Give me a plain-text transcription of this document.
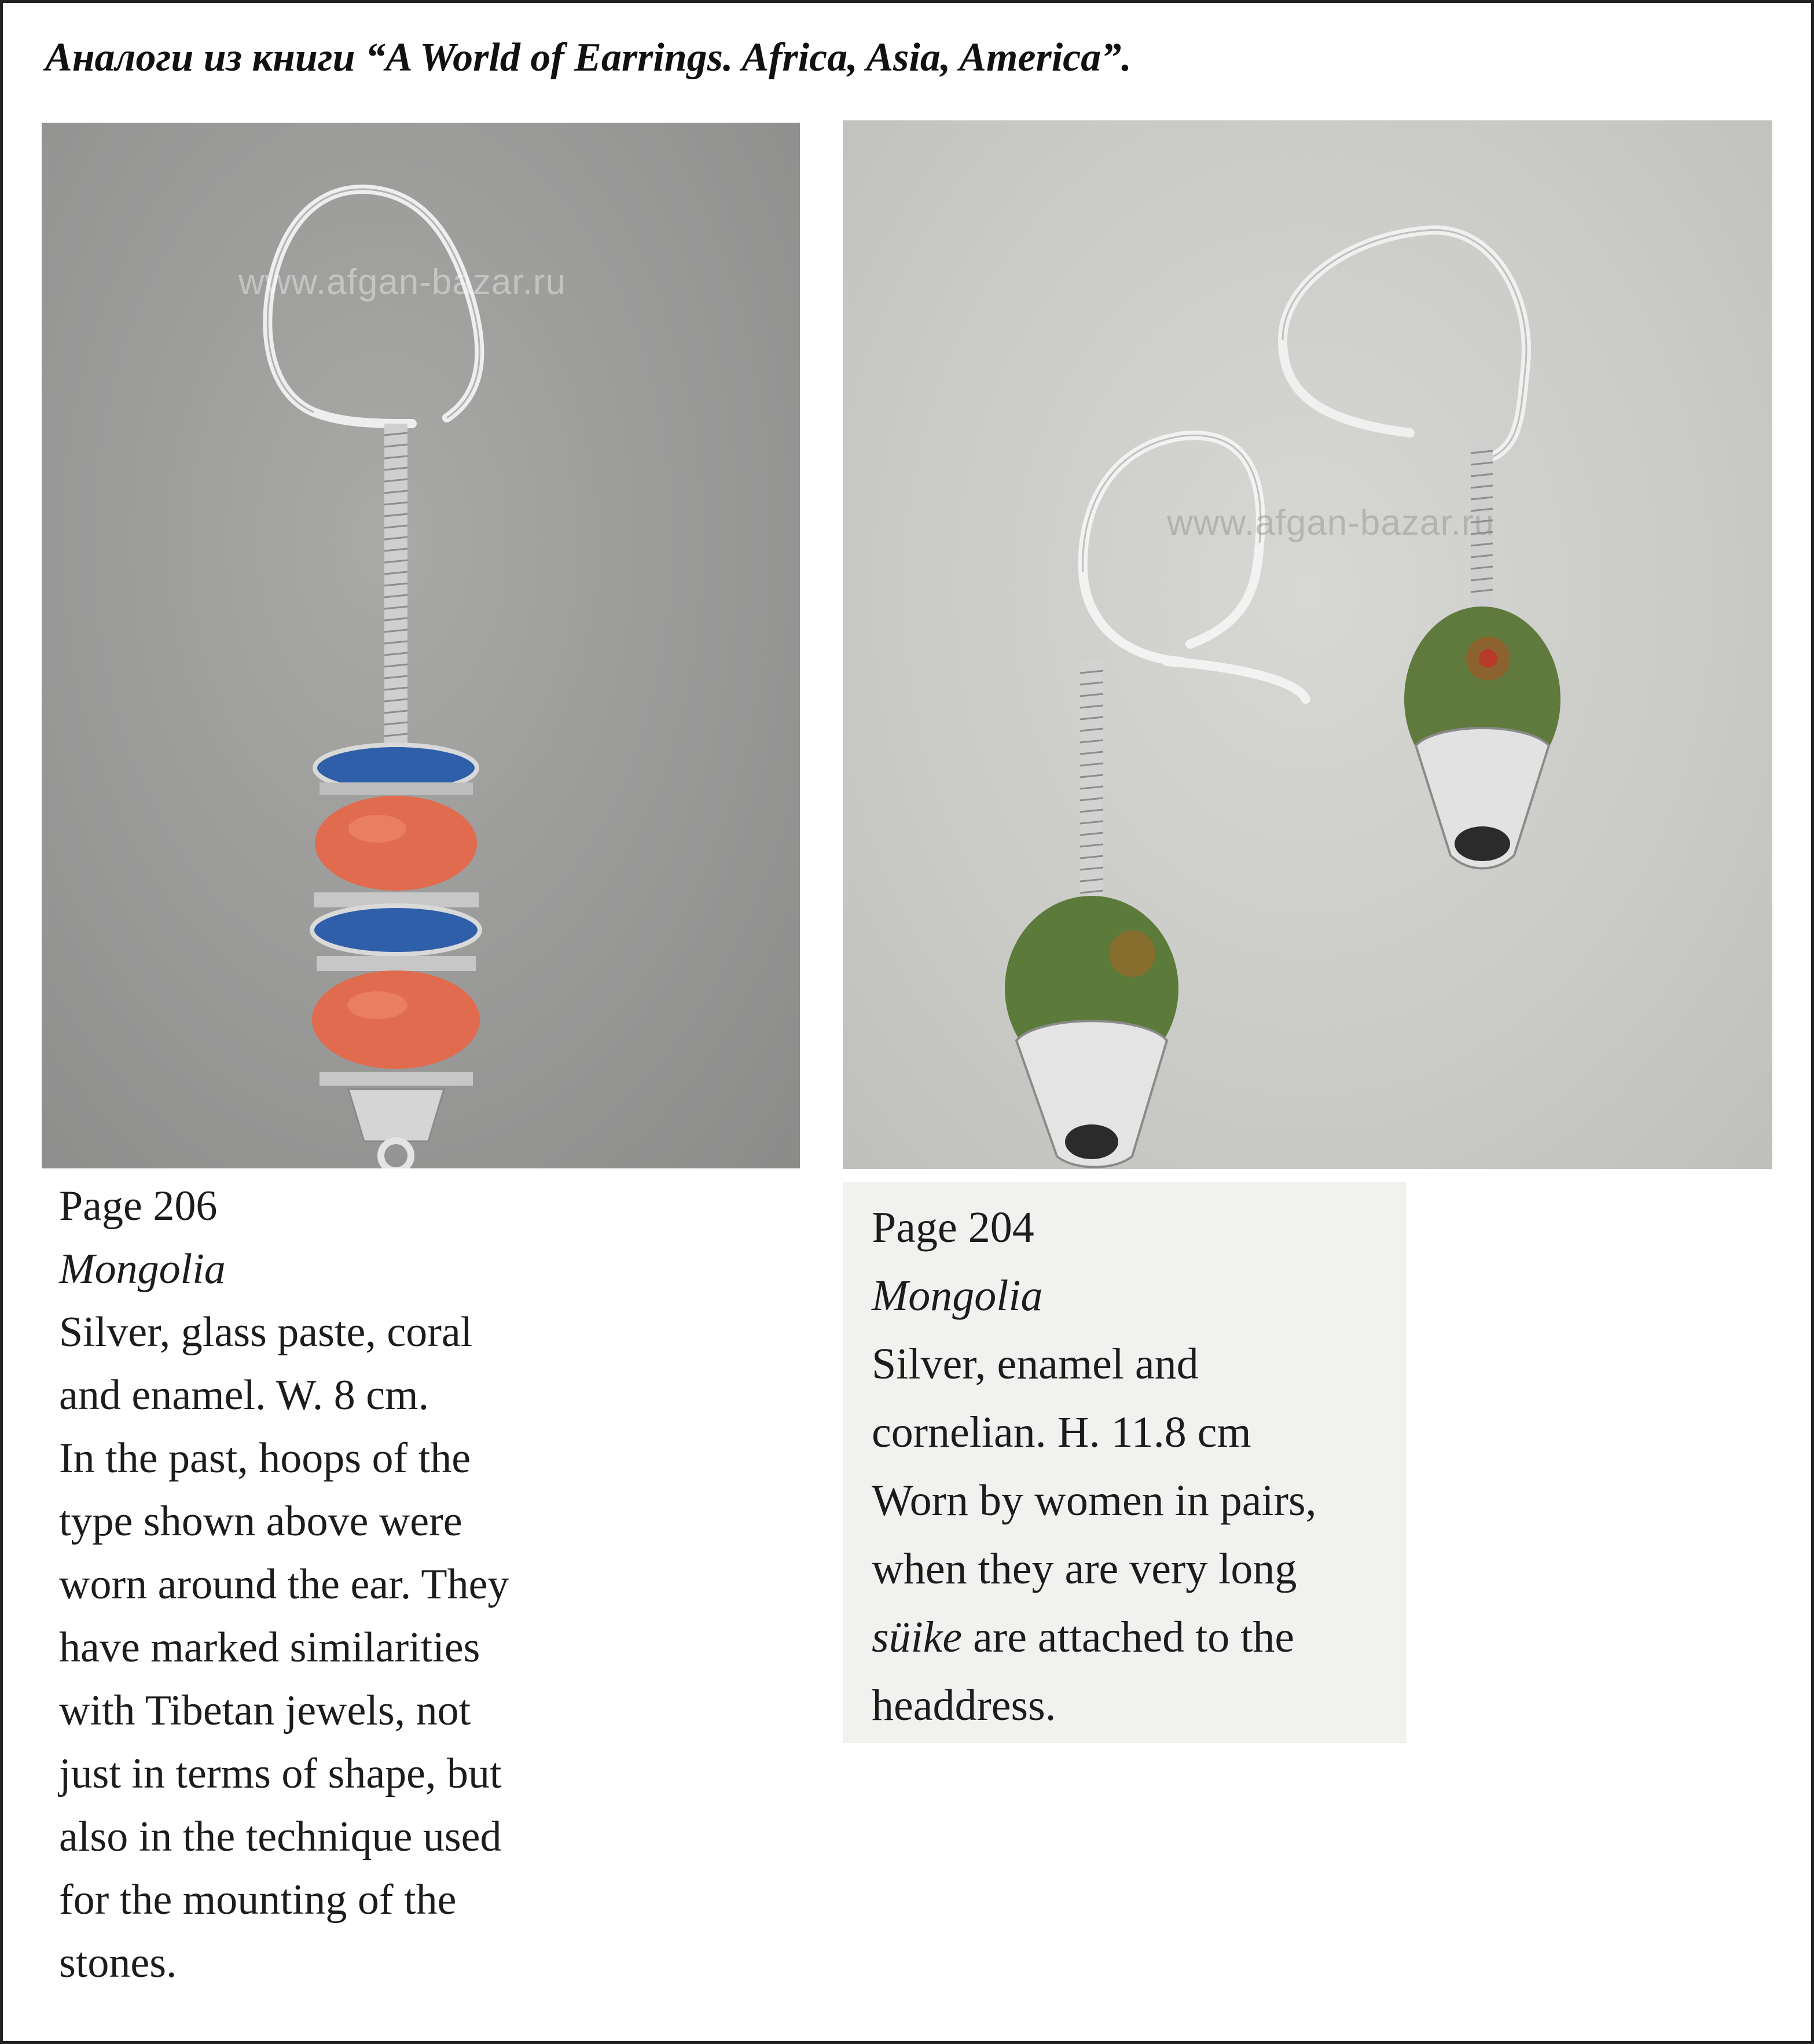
Аналоги из книги “A World of Earrings. Africa, Asia, America”.
www.afgan-bazar.ru
www.afgan-bazar.ru
Page 206
Mongolia
Silver, glass paste, coral
and enamel. W. 8 cm.
In the past, hoops of the
type shown above were
worn around the ear. They
have marked similarities
with Tibetan jewels, not
just in terms of shape, but
also in the technique used
for the mounting of the
stones.
Page 204
Mongolia
Silver, enamel and
cornelian. H. 11.8 cm
Worn by women in pairs,
when they are very long
süike are attached to the
headdress.
